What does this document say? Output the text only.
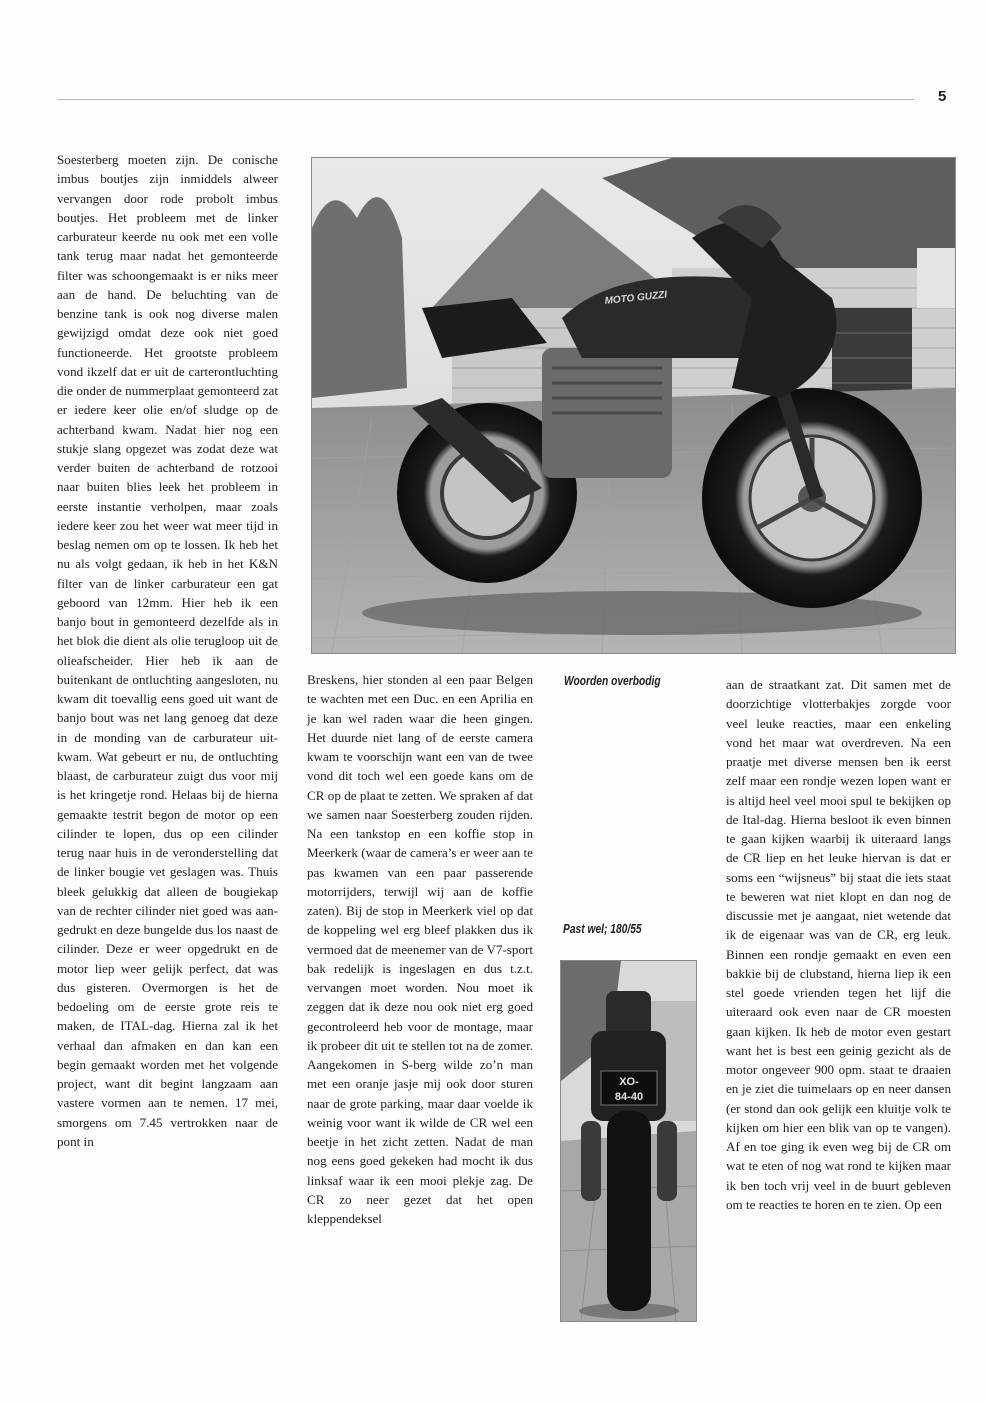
5
Soesterberg moeten zijn. De conische imbus boutjes zijn inmiddels alweer vervangen door rode probolt imbus boutjes. Het probleem met de linker carburateur keerde nu ook met een volle tank terug maar nadat het gemonteerde filter was schoongemaakt is er niks meer aan de hand. De beluchting van de benzine tank is ook nog diverse malen gewijzigd omdat deze ook niet goed functioneerde. Het grootste probleem vond ikzelf dat er uit de carterontluchting die onder de nummerplaat gemonteerd zat er iedere keer olie en/of sludge op de achterband kwam. Nadat hier nog een stukje slang opgezet was zodat deze wat verder buiten de achterband de rotzooi naar buiten blies leek het probleem in eerste instantie verholpen, maar zoals iedere keer zou het weer wat meer tijd in beslag nemen om op te lossen. Ik heb het nu als volgt gedaan, ik heb in het K&N filter van de linker carburateur een gat geboord van 12mm. Hier heb ik een banjo bout in gemonteerd dezelfde als in het blok die dient als olie terugloop uit de olieafscheider. Hier heb ik aan de buitenkant de ontluchting aangesloten, nu kwam dit toevallig eens goed uit want de banjo bout was net lang genoeg dat deze in de monding van de carburateur uitkwam. Wat gebeurt er nu, de ontluchting blaast, de carburateur zuigt dus voor mij is het kringetje rond. Helaas bij de hierna gemaakte testrit begon de motor op een cilinder te lopen, dus op een cilinder terug naar huis in de veronderstelling dat de linker bougie vet geslagen was. Thuis bleek gelukkig dat alleen de bougiekap van de rechter cilinder niet goed was aangedrukt en deze bungelde dus los naast de cilinder. Deze er weer opgedrukt en de motor liep weer gelijk perfect, dat was dus gisteren. Overmorgen is het de bedoeling om de eerste grote reis te maken, de ITAL-dag. Hierna zal ik het verhaal dan afmaken en dan kan een begin gemaakt worden met het volgende project, want dit begint langzaam aan vastere vormen aan te nemen. 17 mei, smorgens om 7.45 vertrokken naar de pont in
MOTO GUZZI
Breskens, hier stonden al een paar Belgen te wachten met een Duc. en een Aprilia en je kan wel raden waar die heen gingen. Het duurde niet lang of de eerste camera kwam te voorschijn want een van de twee vond dit toch wel een goede kans om de CR op de plaat te zetten. We spraken af dat we samen naar Soesterberg zouden rijden. Na een tankstop en een koffie stop in Meerkerk (waar de camera’s er weer aan te pas kwamen van een paar passerende motorrijders, terwijl wij aan de koffie zaten). Bij de stop in Meerkerk viel op dat de koppeling wel erg bleef plakken dus ik vermoed dat de meenemer van de V7-sport bak redelijk is ingeslagen en dus t.z.t. vervangen moet worden. Nou moet ik zeggen dat ik deze nou ook niet erg goed gecontroleerd heb voor de montage, maar ik probeer dit uit te stellen tot na de zomer. Aangekomen in S-berg wilde zo’n man met een oranje jasje mij ook door sturen naar de grote parking, maar daar voelde ik weinig voor want ik wilde de CR wel een beetje in het zicht zetten. Nadat de man nog eens goed gekeken had mocht ik dus linksaf waar ik een mooi plekje zag. De CR zo neer gezet dat het open kleppendeksel
Woorden overbodig
Past wel; 180/55
XO-
84-40
aan de straatkant zat. Dit samen met de doorzichtige vlotterbakjes zorgde voor veel leuke reacties, maar een enkeling vond het maar wat overdreven. Na een praatje met diverse mensen ben ik eerst zelf maar een rondje wezen lopen want er is altijd heel veel mooi spul te bekijken op de Ital-dag. Hierna besloot ik even binnen te gaan kijken waarbij ik uiteraard langs de CR liep en het leuke hiervan is dat er soms een “wijsneus” bij staat die iets staat te beweren wat niet klopt en dan nog de discussie met je aangaat, niet wetende dat ik de eigenaar was van de CR, erg leuk. Binnen een rondje gemaakt en even een bakkie bij de clubstand, hierna liep ik een stel goede vrienden tegen het lijf die uiteraard ook even naar de CR moesten gaan kijken. Ik heb de motor even gestart want het is best een geinig gezicht als de motor ongeveer 900 opm. staat te draaien en je ziet die tuimelaars op en neer dansen (er stond dan ook gelijk een kluitje volk te kijken om hier een blik van op te vangen). Af en toe ging ik even weg bij de CR om wat te eten of nog wat rond te kijken maar ik ben toch vrij veel in de buurt gebleven om te reacties te horen en te zien. Op een
